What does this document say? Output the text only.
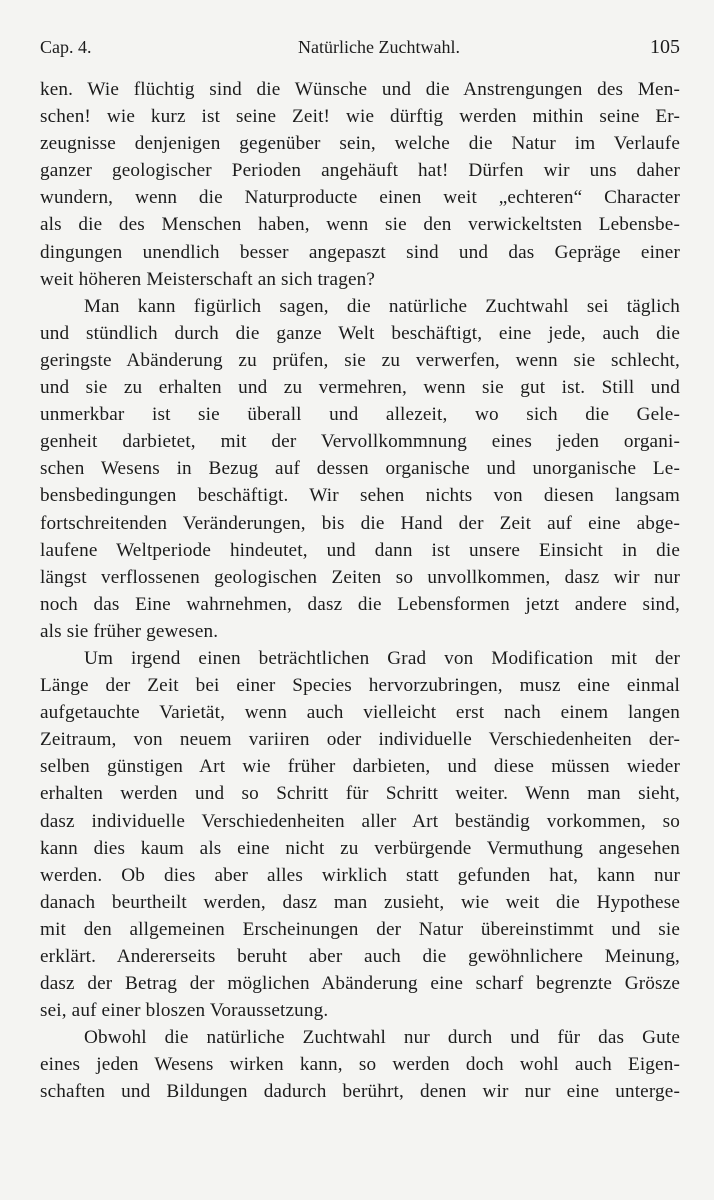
Cap. 4.	Natürliche Zuchtwahl.	105
ken. Wie flüchtig sind die Wünsche und die Anstrengungen des Men-
schen! wie kurz ist seine Zeit! wie dürftig werden mithin seine Er-
zeugnisse denjenigen gegenüber sein, welche die Natur im Verlaufe
ganzer geologischer Perioden angehäuft hat! Dürfen wir uns daher
wundern, wenn die Naturproducte einen weit „echteren“ Character
als die des Menschen haben, wenn sie den verwickeltsten Lebensbe-
dingungen unendlich besser angepaszt sind und das Gepräge einer
weit höheren Meisterschaft an sich tragen?
Man kann figürlich sagen, die natürliche Zuchtwahl sei täglich
und stündlich durch die ganze Welt beschäftigt, eine jede, auch die
geringste Abänderung zu prüfen, sie zu verwerfen, wenn sie schlecht,
und sie zu erhalten und zu vermehren, wenn sie gut ist. Still und
unmerkbar ist sie überall und allezeit, wo sich die Gele-
genheit darbietet, mit der Vervollkommnung eines jeden organi-
schen Wesens in Bezug auf dessen organische und unorganische Le-
bensbedingungen beschäftigt. Wir sehen nichts von diesen langsam
fortschreitenden Veränderungen, bis die Hand der Zeit auf eine abge-
laufene Weltperiode hindeutet, und dann ist unsere Einsicht in die
längst verflossenen geologischen Zeiten so unvollkommen, dasz wir nur
noch das Eine wahrnehmen, dasz die Lebensformen jetzt andere sind,
als sie früher gewesen.
Um irgend einen beträchtlichen Grad von Modification mit der
Länge der Zeit bei einer Species hervorzubringen, musz eine einmal
aufgetauchte Varietät, wenn auch vielleicht erst nach einem langen
Zeitraum, von neuem variiren oder individuelle Verschiedenheiten der-
selben günstigen Art wie früher darbieten, und diese müssen wieder
erhalten werden und so Schritt für Schritt weiter. Wenn man sieht,
dasz individuelle Verschiedenheiten aller Art beständig vorkommen, so
kann dies kaum als eine nicht zu verbürgende Vermuthung angesehen
werden. Ob dies aber alles wirklich statt gefunden hat, kann nur
danach beurtheilt werden, dasz man zusieht, wie weit die Hypothese
mit den allgemeinen Erscheinungen der Natur übereinstimmt und sie
erklärt. Andererseits beruht aber auch die gewöhnlichere Meinung,
dasz der Betrag der möglichen Abänderung eine scharf begrenzte Grösze
sei, auf einer bloszen Voraussetzung.
Obwohl die natürliche Zuchtwahl nur durch und für das Gute
eines jeden Wesens wirken kann, so werden doch wohl auch Eigen-
schaften und Bildungen dadurch berührt, denen wir nur eine unterge-
